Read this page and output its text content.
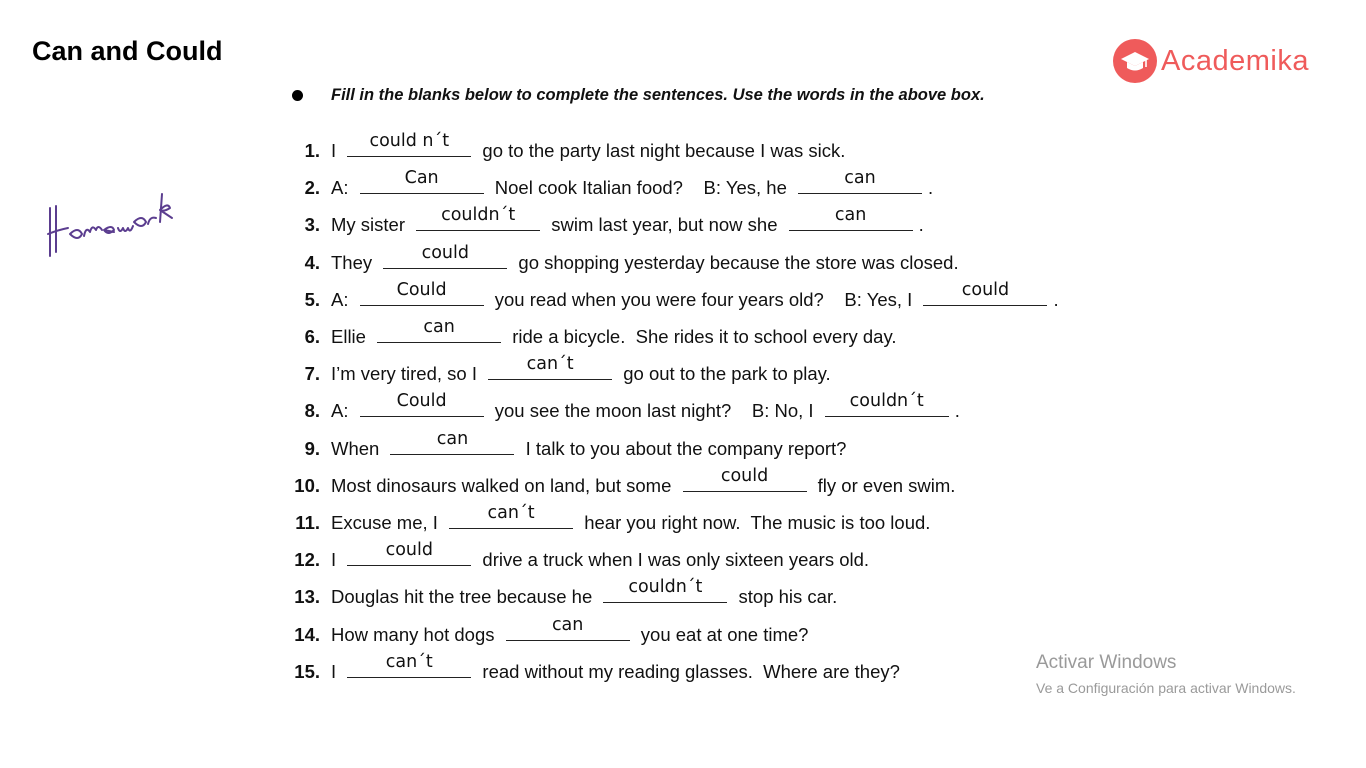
Can and Could	Academika
Fill in the blanks below to complete the sentences. Use the words in the above box.
1. I	could n´t	go to the party last night because I was sick.
2. A:	Can	Noel cook Italian food?    B: Yes, he	can	.
3. My sister	couldn´t	swim last year, but now she	can	.
4. They	could	go shopping yesterday because the store was closed.
5. A:	Could	you read when you were four years old?    B: Yes, I	could	.
6. Ellie	can	ride a bicycle.  She rides it to school every day.
7. I’m very tired, so I	can´t	go out to the park to play.
8. A:	Could	you see the moon last night?    B: No, I	couldn´t	.
9. When	can	I talk to you about the company report?
10. Most dinosaurs walked on land, but some	could	fly or even swim.
11. Excuse me, I	can´t	hear you right now.  The music is too loud.
12. I	could	drive a truck when I was only sixteen years old.
13. Douglas hit the tree because he	couldn´t	stop his car.
14. How many hot dogs	can	you eat at one time?
15. I	can´t	read without my reading glasses.  Where are they?	Activar Windows
Ve a Configuración para activar Windows.
